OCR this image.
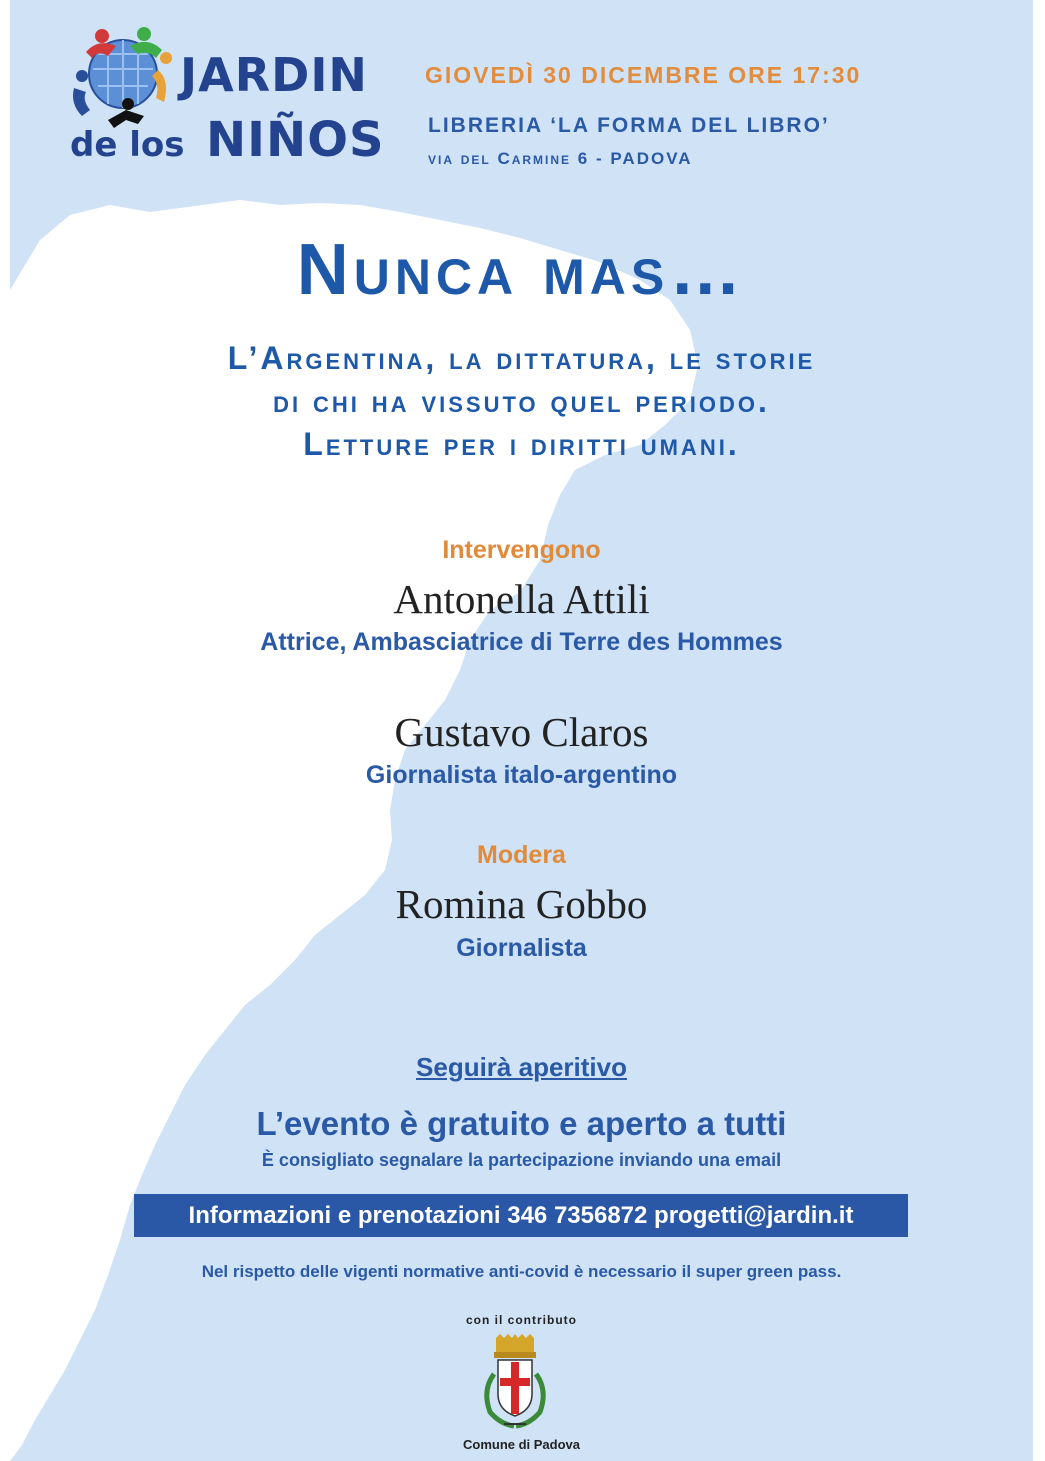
JARDIN
de los NIÑOS
GIOVEDÌ 30 DICEMBRE ORE 17:30
LIBRERIA ‘LA FORMA DEL LIBRO’
via del Carmine 6 - PADOVA
Nunca mas…
L’Argentina, la dittatura, le storie
di chi ha vissuto quel periodo.
Letture per i diritti umani.
Intervengono
Antonella Attili
Attrice, Ambasciatrice di Terre des Hommes
Gustavo Claros
Giornalista italo-argentino
Modera
Romina Gobbo
Giornalista
Seguirà aperitivo
L’evento è gratuito e aperto a tutti
È consigliato segnalare la partecipazione inviando una email
Informazioni e prenotazioni 346 7356872 progetti@jardin.it
Nel rispetto delle vigenti normative anti-covid è necessario il super green pass.
con il contributo
Comune di Padova
